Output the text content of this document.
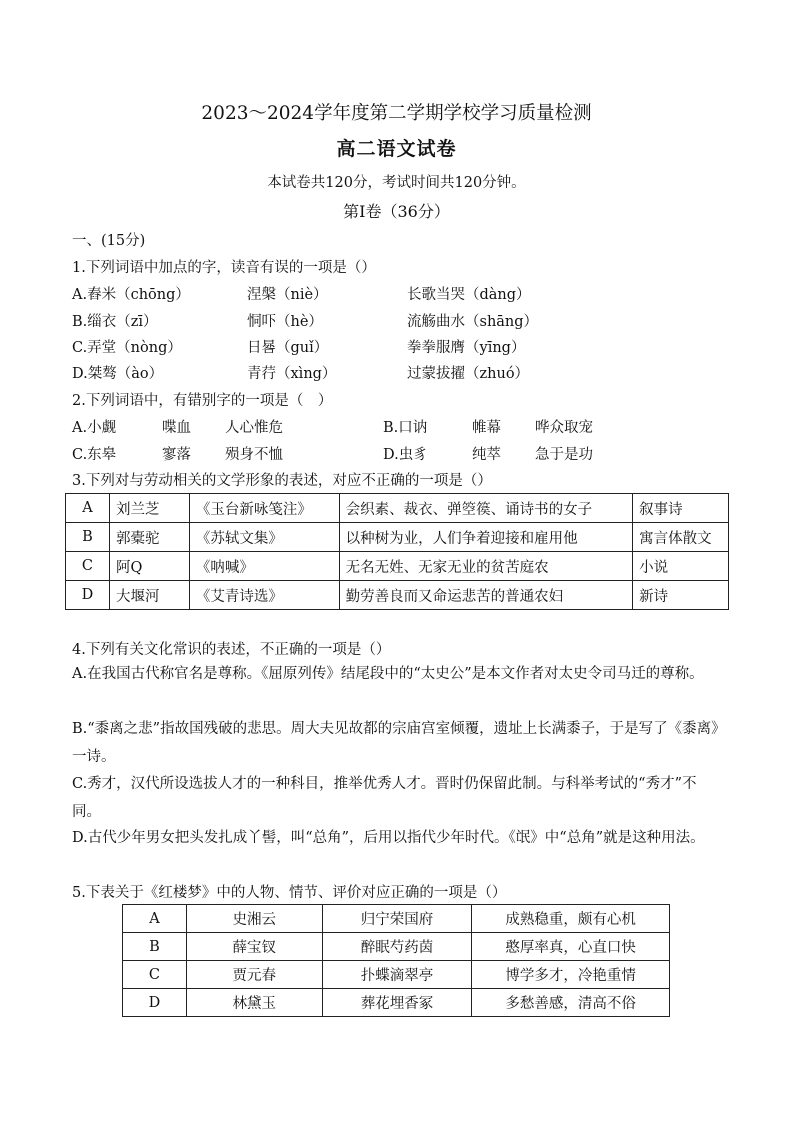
2023～2024学年度第二学期学校学习质量检测
高二语文试卷
本试卷共120分，考试时间共120分钟。
第Ⅰ卷（36分）
一、(15分)
1.下列词语中加点的字，读音有误的一项是（）
A.舂米（chōng）	涅槃（niè）	长歌当哭（dàng）
B.缁衣（zī）	恫吓（hè）	流觞曲水（shāng）
C.弄堂（nòng）	日晷（guǐ）	拳拳服膺（yīng）
D.桀骜（ào）	青荇（xìng）	过蒙拔擢（zhuó）
2.下列词语中，有错别字的一项是（　）
A.小觑	喋血 人心惟危	B.口讷	帷幕 哗众取宠
C.东皋	寥落 殒身不恤	D.虫豸	纯萃 急于是功
3.下列对与劳动相关的文学形象的表述，对应不正确的一项是（）
A	刘兰芝	《玉台新咏笺注》	会织素、裁衣、弹箜篌、诵诗书的女子	叙事诗
B	郭橐驼	《苏轼文集》	以种树为业，人们争着迎接和雇用他	寓言体散文
C	阿Q	《呐喊》	无名无姓、无家无业的贫苦庭农	小说
D	大堰河	《艾青诗选》	勤劳善良而又命运悲苦的普通农妇	新诗
4.下列有关文化常识的表述，不正确的一项是（）
A.在我国古代称官名是尊称。《屈原列传》结尾段中的“太史公”是本文作者对太史令司马迁的尊称。
B.“黍离之悲”指故国残破的悲思。周大夫见故都的宗庙宫室倾覆，遗址上长满黍子，于是写了《黍离》一诗。
C.秀才，汉代所设选拔人才的一种科目，推举优秀人才。晋时仍保留此制。与科举考试的“秀才”不同。
D.古代少年男女把头发扎成丫髻，叫“总角”，后用以指代少年时代。《氓》中“总角”就是这种用法。
5.下表关于《红楼梦》中的人物、情节、评价对应正确的一项是（）
A	史湘云	归宁荣国府	成熟稳重，颇有心机
B	薛宝钗	醉眠芍药茵	憨厚率真，心直口快
C	贾元春	扑蝶滴翠亭	博学多才，冷艳重情
D	林黛玉	葬花埋香冢	多愁善感，清高不俗
